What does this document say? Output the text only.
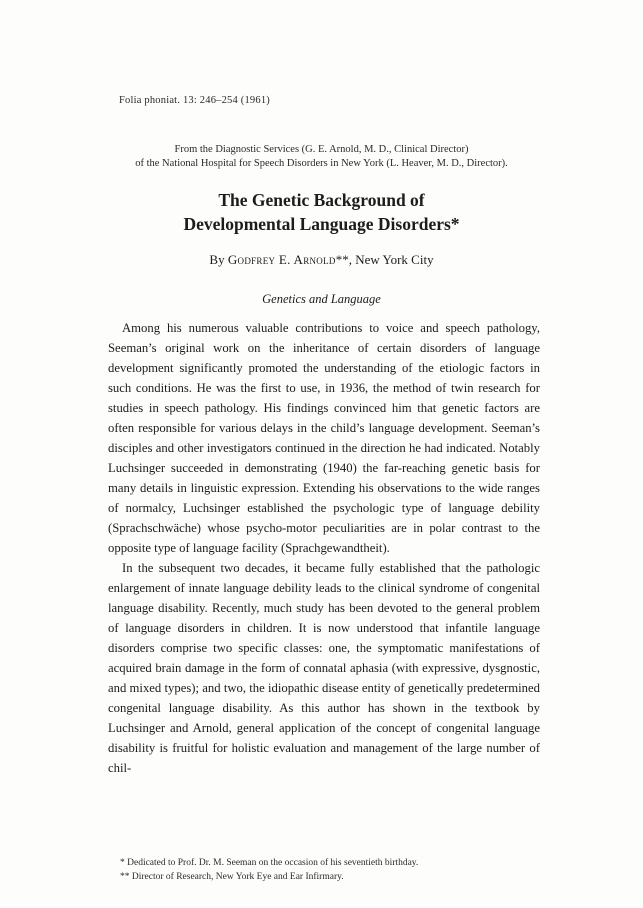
Folia phoniat. 13: 246–254 (1961)
From the Diagnostic Services (G. E. Arnold, M. D., Clinical Director)
of the National Hospital for Speech Disorders in New York (L. Heaver, M. D., Director).
The Genetic Background of
Developmental Language Disorders*
By Godfrey E. Arnold**, New York City
Genetics and Language

Among his numerous valuable contributions to voice and speech pathology, Seeman’s original work on the inheritance of certain disorders of language development significantly promoted the understanding of the etiologic factors in such conditions. He was the first to use, in 1936, the method of twin research for studies in speech pathology. His findings convinced him that genetic factors are often responsible for various delays in the child’s language development. Seeman’s disciples and other investigators continued in the direction he had indicated. Notably Luchsinger succeeded in demonstrating (1940) the far-reaching genetic basis for many details in linguistic expression. Extending his observations to the wide ranges of normalcy, Luchsinger established the psychologic type of language debility (Sprachschwäche) whose psycho-motor peculiarities are in polar contrast to the opposite type of language facility (Sprachgewandtheit).

In the subsequent two decades, it became fully established that the pathologic enlargement of innate language debility leads to the clinical syndrome of congenital language disability. Recently, much study has been devoted to the general problem of language disorders in children. It is now understood that infantile language disorders comprise two specific classes: one, the symptomatic manifestations of acquired brain damage in the form of connatal aphasia (with expressive, dysgnostic, and mixed types); and two, the idiopathic disease entity of genetically predetermined congenital language disability. As this author has shown in the textbook by Luchsinger and Arnold, general application of the concept of congenital language disability is fruitful for holistic evaluation and management of the large number of chil-

* Dedicated to Prof. Dr. M. Seeman on the occasion of his seventieth birthday.
** Director of Research, New York Eye and Ear Infirmary.
